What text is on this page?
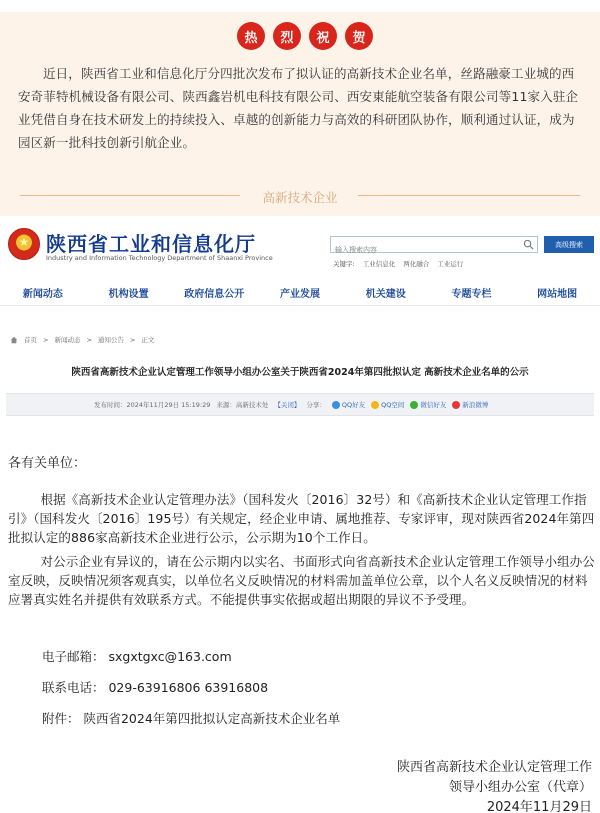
热	烈	祝	贺

近日，陕西省工业和信息化厅分四批次发布了拟认证的高新技术企业名单，丝路融豪工业城的西安奇菲特机械设备有限公司、陕西鑫岩机电科技有限公司、西安東能航空装备有限公司等11家入驻企业凭借自身在技术研发上的持续投入、卓越的创新能力与高效的科研团队协作，顺利通过认证，成为园区新一批科技创新引航企业。

高新技术企业
★
陕西省工业和信息化厅
Industry and Information Technology Department of Shaanxi Province
输入搜索内容
高级搜索
关键字: 工业信息化 两化融合 工业运行
新闻动态	机构设置	政府信息公开	产业发展	机关建设	专题专栏	网站地图
首页 > 新闻动态 > 通知公告 > 正文
陕西省高新技术企业认定管理工作领导小组办公室关于陕西省2024年第四批拟认定 高新技术企业名单的公示
发布时间：2024年11月29日 15:19:29 来源：高新技术处 【关闭】 分享： QQ好友 QQ空间 微信好友 新浪微博
各有关单位：

根据《高新技术企业认定管理办法》（国科发火〔2016〕32号）和《高新技术企业认定管理工作指引》（国科发火〔2016〕195号）有关规定，经企业申请、属地推荐、专家评审，现对陕西省2024年第四批拟认定的886家高新技术企业进行公示，公示期为10个工作日。

对公示企业有异议的，请在公示期内以实名、书面形式向省高新技术企业认定管理工作领导小组办公室反映，反映情况须客观真实，以单位名义反映情况的材料需加盖单位公章，以个人名义反映情况的材料应署真实姓名并提供有效联系方式。不能提供事实依据或超出期限的异议不予受理。

电子邮箱： sxgxtgxc@163.com
联系电话： 029-63916806 63916808
附件： 陕西省2024年第四批拟认定高新技术企业名单
陕西省高新技术企业认定管理工作
领导小组办公室（代章）
2024年11月29日
